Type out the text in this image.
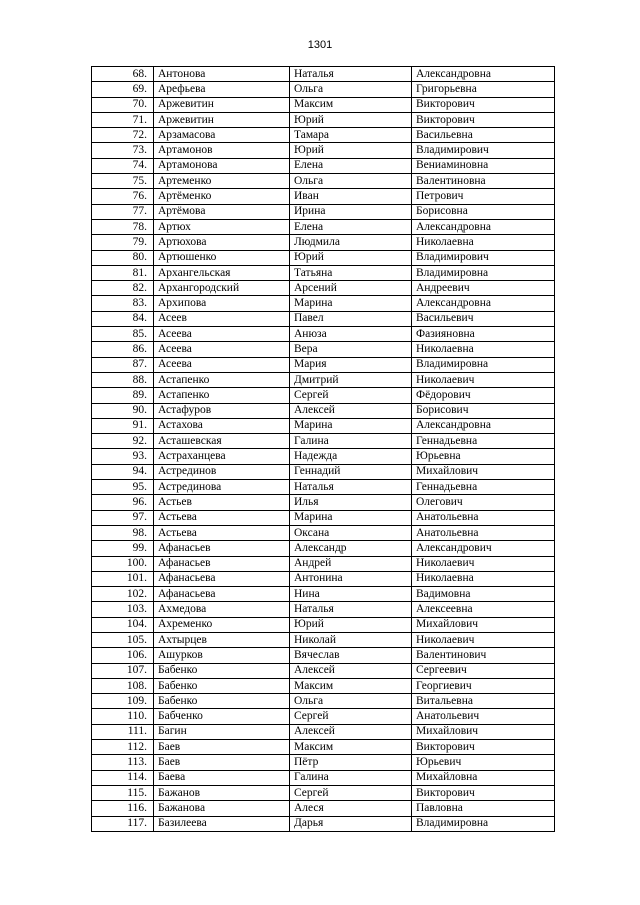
1301
68.	Антонова	Наталья	Александровна
69.	Арефьева	Ольга	Григорьевна
70.	Аржевитин	Максим	Викторович
71.	Аржевитин	Юрий	Викторович
72.	Арзамасова	Тамара	Васильевна
73.	Артамонов	Юрий	Владимирович
74.	Артамонова	Елена	Вениаминовна
75.	Артеменко	Ольга	Валентиновна
76.	Артёменко	Иван	Петрович
77.	Артёмова	Ирина	Борисовна
78.	Артюх	Елена	Александровна
79.	Артюхова	Людмила	Николаевна
80.	Артюшенко	Юрий	Владимирович
81.	Архангельская	Татьяна	Владимировна
82.	Архангородский	Арсений	Андреевич
83.	Архипова	Марина	Александровна
84.	Асеев	Павел	Васильевич
85.	Асеева	Анюза	Фазияновна
86.	Асеева	Вера	Николаевна
87.	Асеева	Мария	Владимировна
88.	Астапенко	Дмитрий	Николаевич
89.	Астапенко	Сергей	Фёдорович
90.	Астафуров	Алексей	Борисович
91.	Астахова	Марина	Александровна
92.	Асташевская	Галина	Геннадьевна
93.	Астраханцева	Надежда	Юрьевна
94.	Астрединов	Геннадий	Михайлович
95.	Астрединова	Наталья	Геннадьевна
96.	Астьев	Илья	Олегович
97.	Астьева	Марина	Анатольевна
98.	Астьева	Оксана	Анатольевна
99.	Афанасьев	Александр	Александрович
100.	Афанасьев	Андрей	Николаевич
101.	Афанасьева	Антонина	Николаевна
102.	Афанасьева	Нина	Вадимовна
103.	Ахмедова	Наталья	Алексеевна
104.	Ахременко	Юрий	Михайлович
105.	Ахтырцев	Николай	Николаевич
106.	Ашурков	Вячеслав	Валентинович
107.	Бабенко	Алексей	Сергеевич
108.	Бабенко	Максим	Георгиевич
109.	Бабенко	Ольга	Витальевна
110.	Бабченко	Сергей	Анатольевич
111.	Багин	Алексей	Михайлович
112.	Баев	Максим	Викторович
113.	Баев	Пётр	Юрьевич
114.	Баева	Галина	Михайловна
115.	Бажанов	Сергей	Викторович
116.	Бажанова	Алеся	Павловна
117.	Базилеева	Дарья	Владимировна
